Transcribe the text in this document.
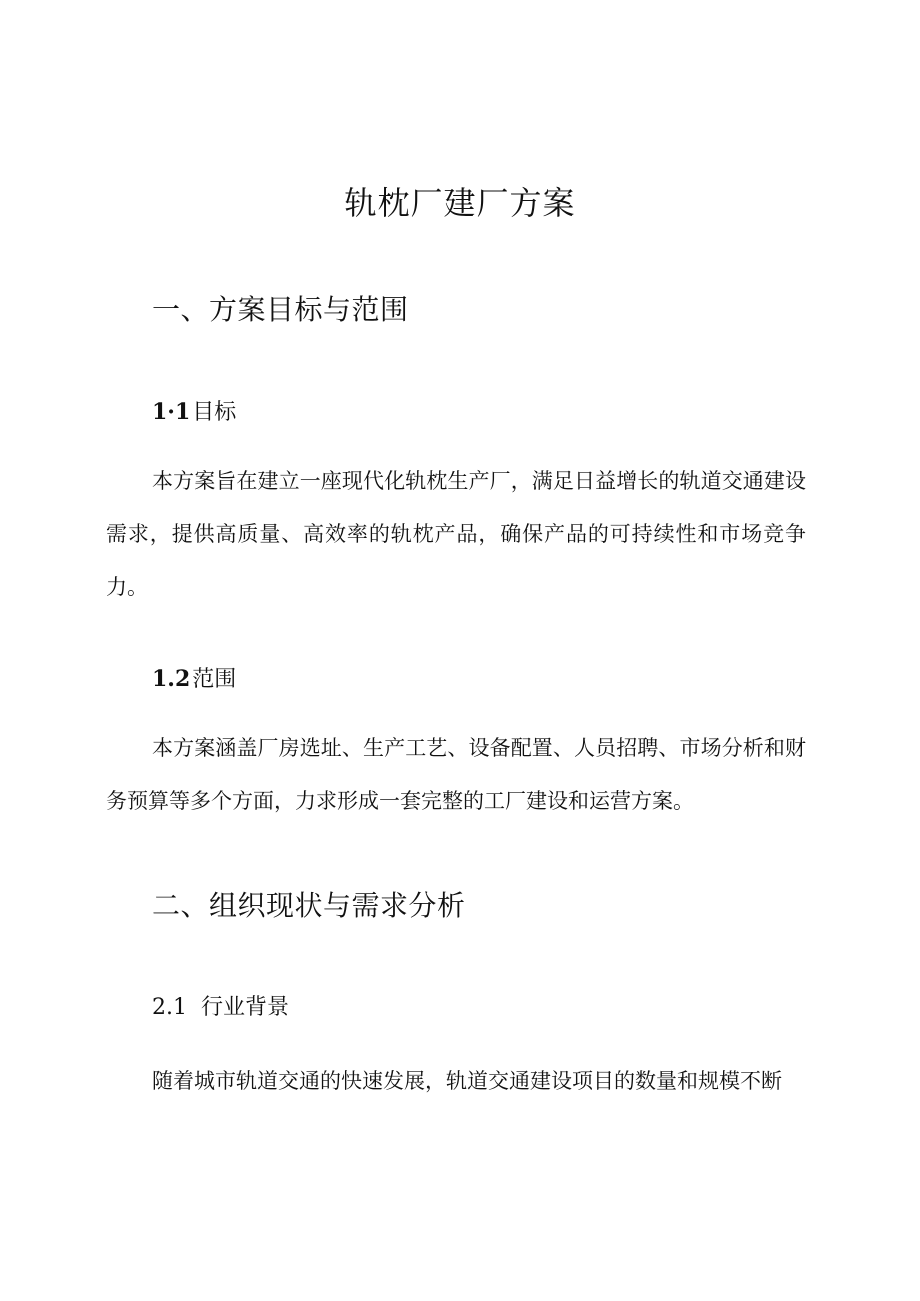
轨枕厂建厂方案
一、方案目标与范围
1·1目标

本方案旨在建立一座现代化轨枕生产厂，满足日益增长的轨道交通建设需求，提供高质量、高效率的轨枕产品，确保产品的可持续性和市场竞争力。

1.2范围

本方案涵盖厂房选址、生产工艺、设备配置、人员招聘、市场分析和财务预算等多个方面，力求形成一套完整的工厂建设和运营方案。

二、组织现状与需求分析
2.1 行业背景

随着城市轨道交通的快速发展，轨道交通建设项目的数量和规模不断
